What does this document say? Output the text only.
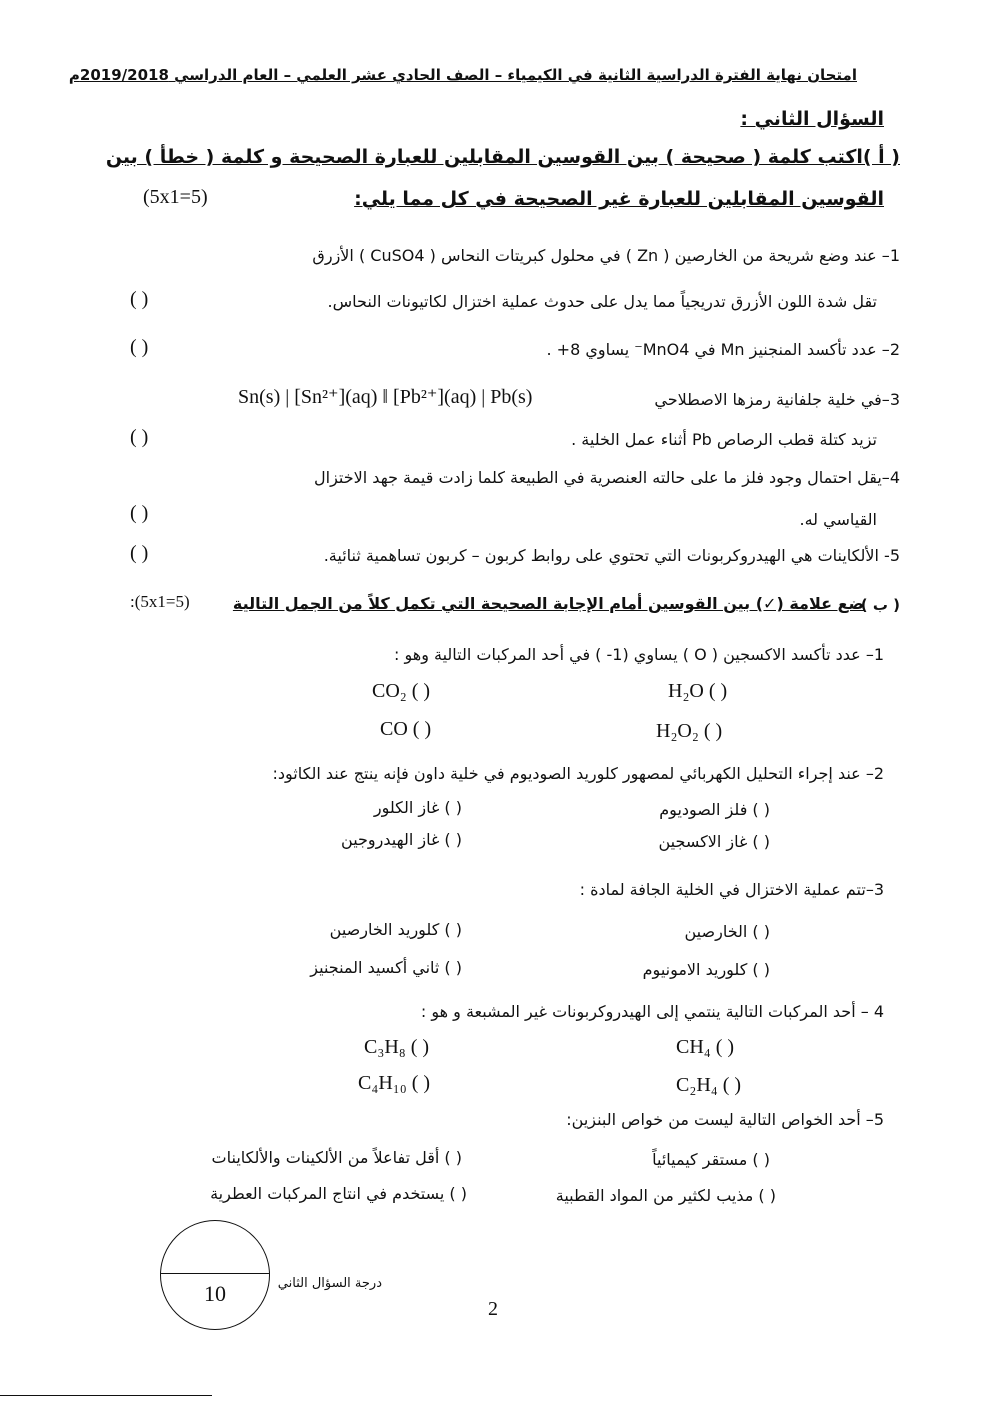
امتحان نهاية الفترة الدراسية الثانية في الكيمياء – الصف الحادي عشر العلمي – العام الدراسي 2019/2018م
السؤال الثاني :
( أ )اكتب كلمة ( صحيحة ) بين القوسين المقابلين للعبارة الصحيحة و كلمة ( خطأ ) بين
القوسين المقابلين للعبارة غير الصحيحة في كل مما يلي:
(5x1=5)
1– عند وضع شريحة من الخارصين ( Zn ) في محلول كبريتات النحاس ( CuSO4 ) الأزرق
تقل شدة اللون الأزرق تدريجياً مما يدل على حدوث عملية اختزال لكاتيونات النحاس.
( )
2– عدد تأكسد المنجنيز Mn في MnO4⁻ يساوي 8+ .
( )
3–في خلية جلفانية رمزها الاصطلاحي
Sn(s) | [Sn²⁺](aq) ‖ [Pb²⁺](aq) | Pb(s)
تزيد كتلة قطب الرصاص Pb أثناء عمل الخلية .
( )
4–يقل احتمال وجود فلز ما على حالته العنصرية في الطبيعة كلما زادت قيمة جهد الاختزال
القياسي له.
( )
5- الألكاينات هي الهيدروكربونات التي تحتوي على روابط كربون – كربون تساهمية ثنائية.
( )
( ب )
ضع علامة (✓) بين القوسين أمام الإجابة الصحيحة التي تكمل كلاً من الجمل التالية
:(5x1=5)
1– عدد تأكسد الاكسجين ( O ) يساوي (1- ) في أحد المركبات التالية وهو :
H₂O ( )
CO₂ ( )
H₂O₂ ( )
CO ( )
2– عند إجراء التحليل الكهربائي لمصهور كلوريد الصوديوم في خلية داون فإنه ينتج عند الكاثود:
( ) فلز الصوديوم
( ) غاز الكلور
( ) غاز الاكسجين
( ) غاز الهيدروجين
3–تتم عملية الاختزال في الخلية الجافة لمادة :
( ) الخارصين
( ) كلوريد الخارصين
( ) كلوريد الامونيوم
( ) ثاني أكسيد المنجنيز
4 – أحد المركبات التالية ينتمي إلى الهيدروكربونات غير المشبعة و هو :
CH₄ ( )
C₃H₈ ( )
C₂H₄ ( )
C₄H₁₀ ( )
5– أحد الخواص التالية ليست من خواص البنزين:
( ) مستقر كيميائياً
( ) أقل تفاعلاً من الألكينات والألكاينات
( ) مذيب لكثير من المواد القطبية
( ) يستخدم في انتاج المركبات العطرية
10	درجة السؤال الثاني
2
